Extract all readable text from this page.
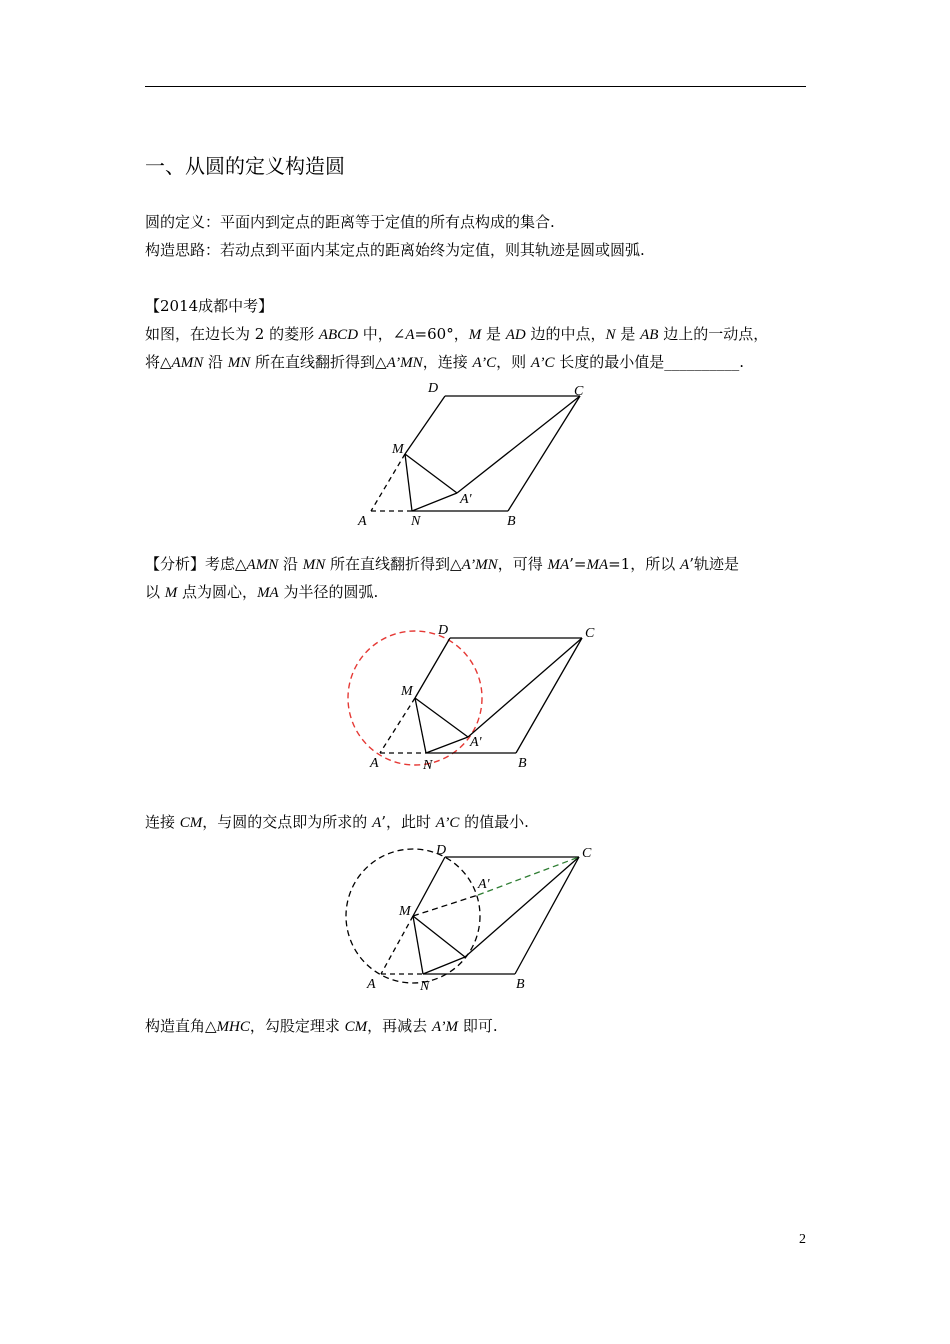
一、从圆的定义构造圆
圆的定义：平面内到定点的距离等于定值的所有点构成的集合.
构造思路：若动点到平面内某定点的距离始终为定值，则其轨迹是圆或圆弧.
【2014成都中考】
如图，在边长为 2 的菱形 ABCD 中，∠A=60°，M 是 AD 边的中点，N 是 AB 边上的一动点，
将△AMN 沿 MN 所在直线翻折得到△A’MN，连接 A’C，则 A’C 长度的最小值是__________.
D	C
M
A'
A	N	B
【分析】考虑△AMN 沿 MN 所在直线翻折得到△A’MN，可得 MA’=MA=1，所以 A’轨迹是
以 M 点为圆心，MA 为半径的圆弧.
D	C
M
A'
A	N	B
连接 CM，与圆的交点即为所求的 A’，此时 A’C 的值最小.
D	C
A'
M
A	N	B
构造直角△MHC，勾股定理求 CM，再减去 A’M 即可.
2
